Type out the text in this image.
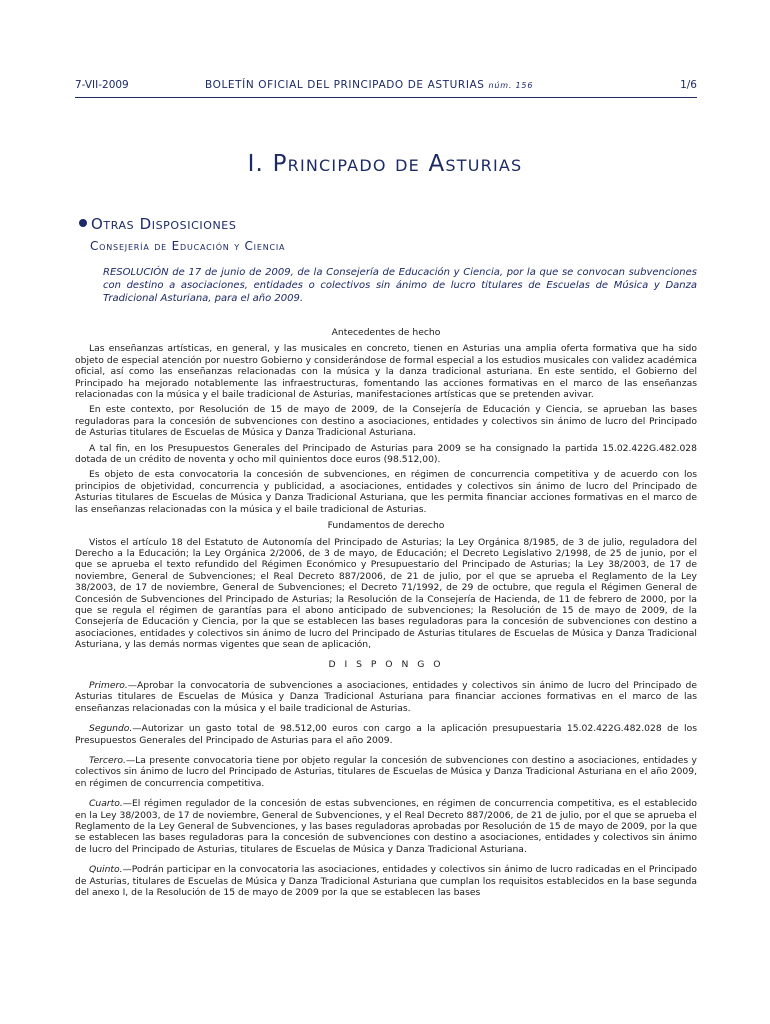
7-VII-2009	BOLETÍN OFICIAL DEL PRINCIPADO DE ASTURIAS núm. 156	1/6
I. Principado de Asturias
Otras Disposiciones
Consejería de Educación y Ciencia
RESOLUCIÓN de 17 de junio de 2009, de la Consejería de Educación y Ciencia, por la que se convocan subvenciones con destino a asociaciones, entidades o colectivos sin ánimo de lucro titulares de Escuelas de Música y Danza Tradicional Asturiana, para el año 2009.

Antecedentes de hecho

Las enseñanzas artísticas, en general, y las musicales en concreto, tienen en Asturias una amplia oferta formativa que ha sido objeto de especial atención por nuestro Gobierno y considerándose de formal especial a los estudios musicales con validez académica oficial, así como las enseñanzas relacionadas con la música y la danza tradicional asturiana. En este sentido, el Gobierno del Principado ha mejorado notablemente las infraestructuras, fomentando las acciones formativas en el marco de las enseñanzas relacionadas con la música y el baile tradicional de Asturias, manifestaciones artísticas que se pretenden avivar.

En este contexto, por Resolución de 15 de mayo de 2009, de la Consejería de Educación y Ciencia, se aprueban las bases reguladoras para la concesión de subvenciones con destino a asociaciones, entidades y colectivos sin ánimo de lucro del Principado de Asturias titulares de Escuelas de Música y Danza Tradicional Asturiana.

A tal fin, en los Presupuestos Generales del Principado de Asturias para 2009 se ha consignado la partida 15.02.422G.482.028 dotada de un crédito de noventa y ocho mil quinientos doce euros (98.512,00).

Es objeto de esta convocatoria la concesión de subvenciones, en régimen de concurrencia competitiva y de acuerdo con los principios de objetividad, concurrencia y publicidad, a asociaciones, entidades y colectivos sin ánimo de lucro del Principado de Asturias titulares de Escuelas de Música y Danza Tradicional Asturiana, que les permita financiar acciones formativas en el marco de las enseñanzas relacionadas con la música y el baile tradicional de Asturias.

Fundamentos de derecho

Vistos el artículo 18 del Estatuto de Autonomía del Principado de Asturias; la Ley Orgánica 8/1985, de 3 de julio, reguladora del Derecho a la Educación; la Ley Orgánica 2/2006, de 3 de mayo, de Educación; el Decreto Legislativo 2/1998, de 25 de junio, por el que se aprueba el texto refundido del Régimen Económico y Presupuestario del Principado de Asturias; la Ley 38/2003, de 17 de noviembre, General de Subvenciones; el Real Decreto 887/2006, de 21 de julio, por el que se aprueba el Reglamento de la Ley 38/2003, de 17 de noviembre, General de Subvenciones; el Decreto 71/1992, de 29 de octubre, que regula el Régimen General de Concesión de Subvenciones del Principado de Asturias; la Resolución de la Consejería de Hacienda, de 11 de febrero de 2000, por la que se regula el régimen de garantías para el abono anticipado de subvenciones; la Resolución de 15 de mayo de 2009, de la Consejería de Educación y Ciencia, por la que se establecen las bases reguladoras para la concesión de subvenciones con destino a asociaciones, entidades y colectivos sin ánimo de lucro del Principado de Asturias titulares de Escuelas de Música y Danza Tradicional Asturiana, y las demás normas vigentes que sean de aplicación,

D I S P O N G O

Primero.—Aprobar la convocatoria de subvenciones a asociaciones, entidades y colectivos sin ánimo de lucro del Principado de Asturias titulares de Escuelas de Música y Danza Tradicional Asturiana para financiar acciones formativas en el marco de las enseñanzas relacionadas con la música y el baile tradicional de Asturias.

Segundo.—Autorizar un gasto total de 98.512,00 euros con cargo a la aplicación presupuestaria 15.02.422G.482.028 de los Presupuestos Generales del Principado de Asturias para el año 2009.

Tercero.—La presente convocatoria tiene por objeto regular la concesión de subvenciones con destino a asociaciones, entidades y colectivos sin ánimo de lucro del Principado de Asturias, titulares de Escuelas de Música y Danza Tradicional Asturiana en el año 2009, en régimen de concurrencia competitiva.

Cuarto.—El régimen regulador de la concesión de estas subvenciones, en régimen de concurrencia competitiva, es el establecido en la Ley 38/2003, de 17 de noviembre, General de Subvenciones, y el Real Decreto 887/2006, de 21 de julio, por el que se aprueba el Reglamento de la Ley General de Subvenciones, y las bases reguladoras aprobadas por Resolución de 15 de mayo de 2009, por la que se establecen las bases reguladoras para la concesión de subvenciones con destino a asociaciones, entidades y colectivos sin ánimo de lucro del Principado de Asturias, titulares de Escuelas de Música y Danza Tradicional Asturiana.

Quinto.—Podrán participar en la convocatoria las asociaciones, entidades y colectivos sin ánimo de lucro radicadas en el Principado de Asturias, titulares de Escuelas de Música y Danza Tradicional Asturiana que cumplan los requisitos establecidos en la base segunda del anexo I, de la Resolución de 15 de mayo de 2009 por la que se establecen las bases
